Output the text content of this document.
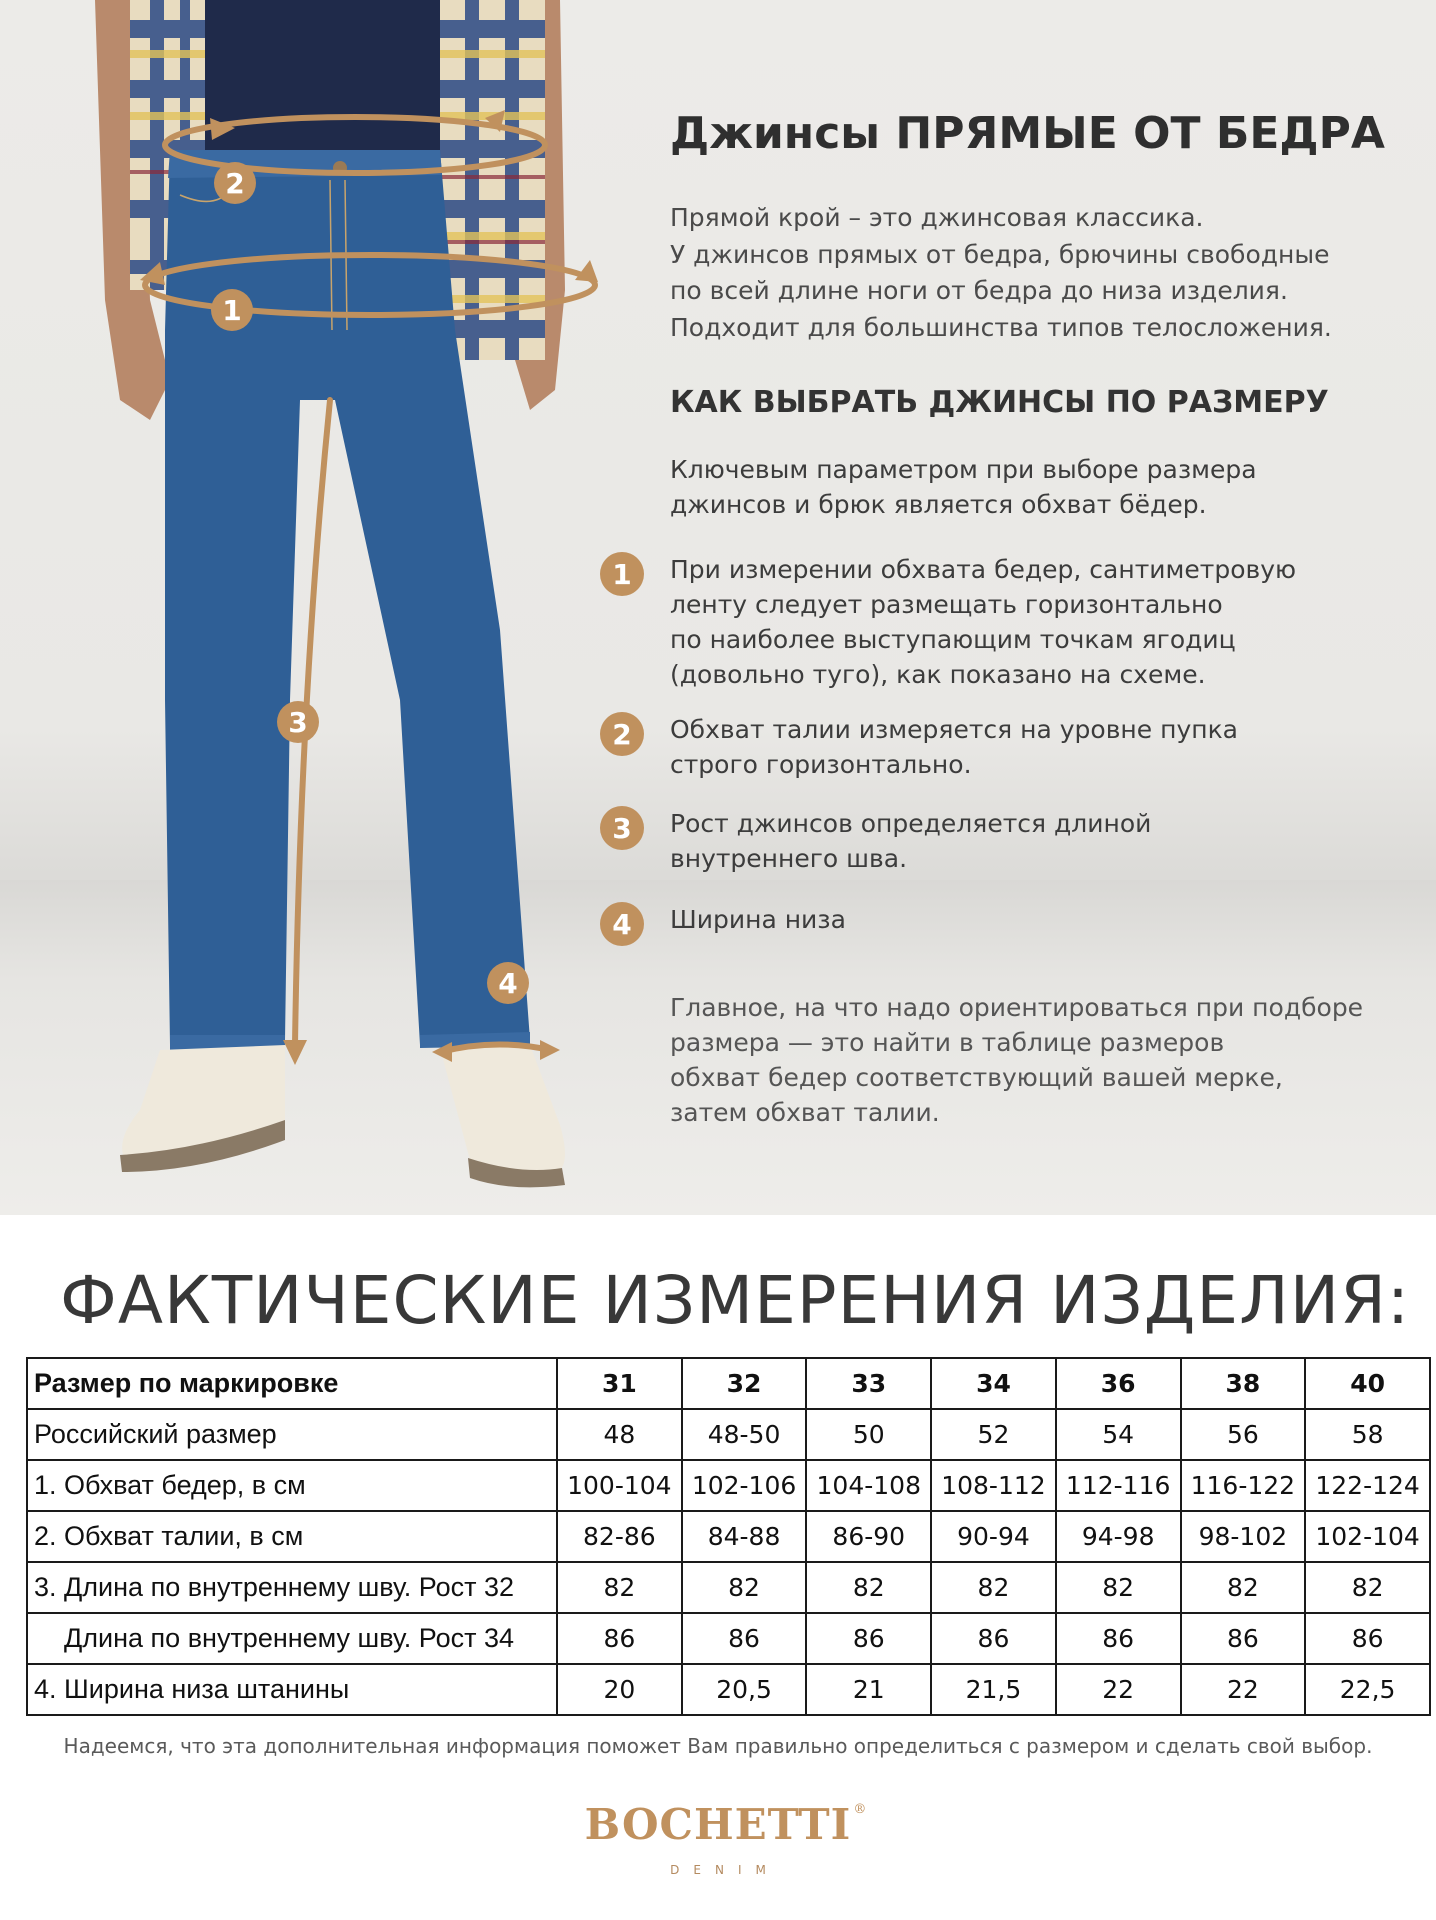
2
1
3
4
Джинсы ПРЯМЫЕ ОТ БЕДРА

Прямой крой – это джинсовая классика.

У джинсов прямых от бедра, брючины свободные

по всей длине ноги от бедра до низа изделия.

Подходит для большинства типов телосложения.

КАК ВЫБРАТЬ ДЖИНСЫ ПО РАЗМЕРУ

Ключевым параметром при выборе размера

джинсов и брюк является обхват бёдер.

1	При измерении обхвата бедер, сантиметровую

ленту следует размещать горизонтально

по наиболее выступающим точкам ягодиц

(довольно туго), как показано на схеме.

2	Обхват талии измеряется на уровне пупка

строго горизонтально.

3	Рост джинсов определяется длиной

внутреннего шва.

4	Ширина низа

Главное, на что надо ориентироваться при подборе

размера — это найти в таблице размеров

обхват бедер соответствующий вашей мерке,

затем обхват талии.

ФАКТИЧЕСКИЕ ИЗМЕРЕНИЯ ИЗДЕЛИЯ:
Размер по маркировке	31	32	33	34	36	38	40
Российский размер	48	48-50	50	52	54	56	58
1. Обхват бедер, в см	100-104	102-106	104-108	108-112	112-116	116-122	122-124
2. Обхват талии, в см	82-86	84-88	86-90	90-94	94-98	98-102	102-104
3. Длина по внутреннему шву. Рост 32	82	82	82	82	82	82	82
Длина по внутреннему шву. Рост 34	86	86	86	86	86	86	86
4. Ширина низа штанины	20	20,5	21	21,5	22	22	22,5

Надеемся, что эта дополнительная информация поможет Вам правильно определиться с размером и сделать свой выбор.

BOCHETTI ®
DENIM
